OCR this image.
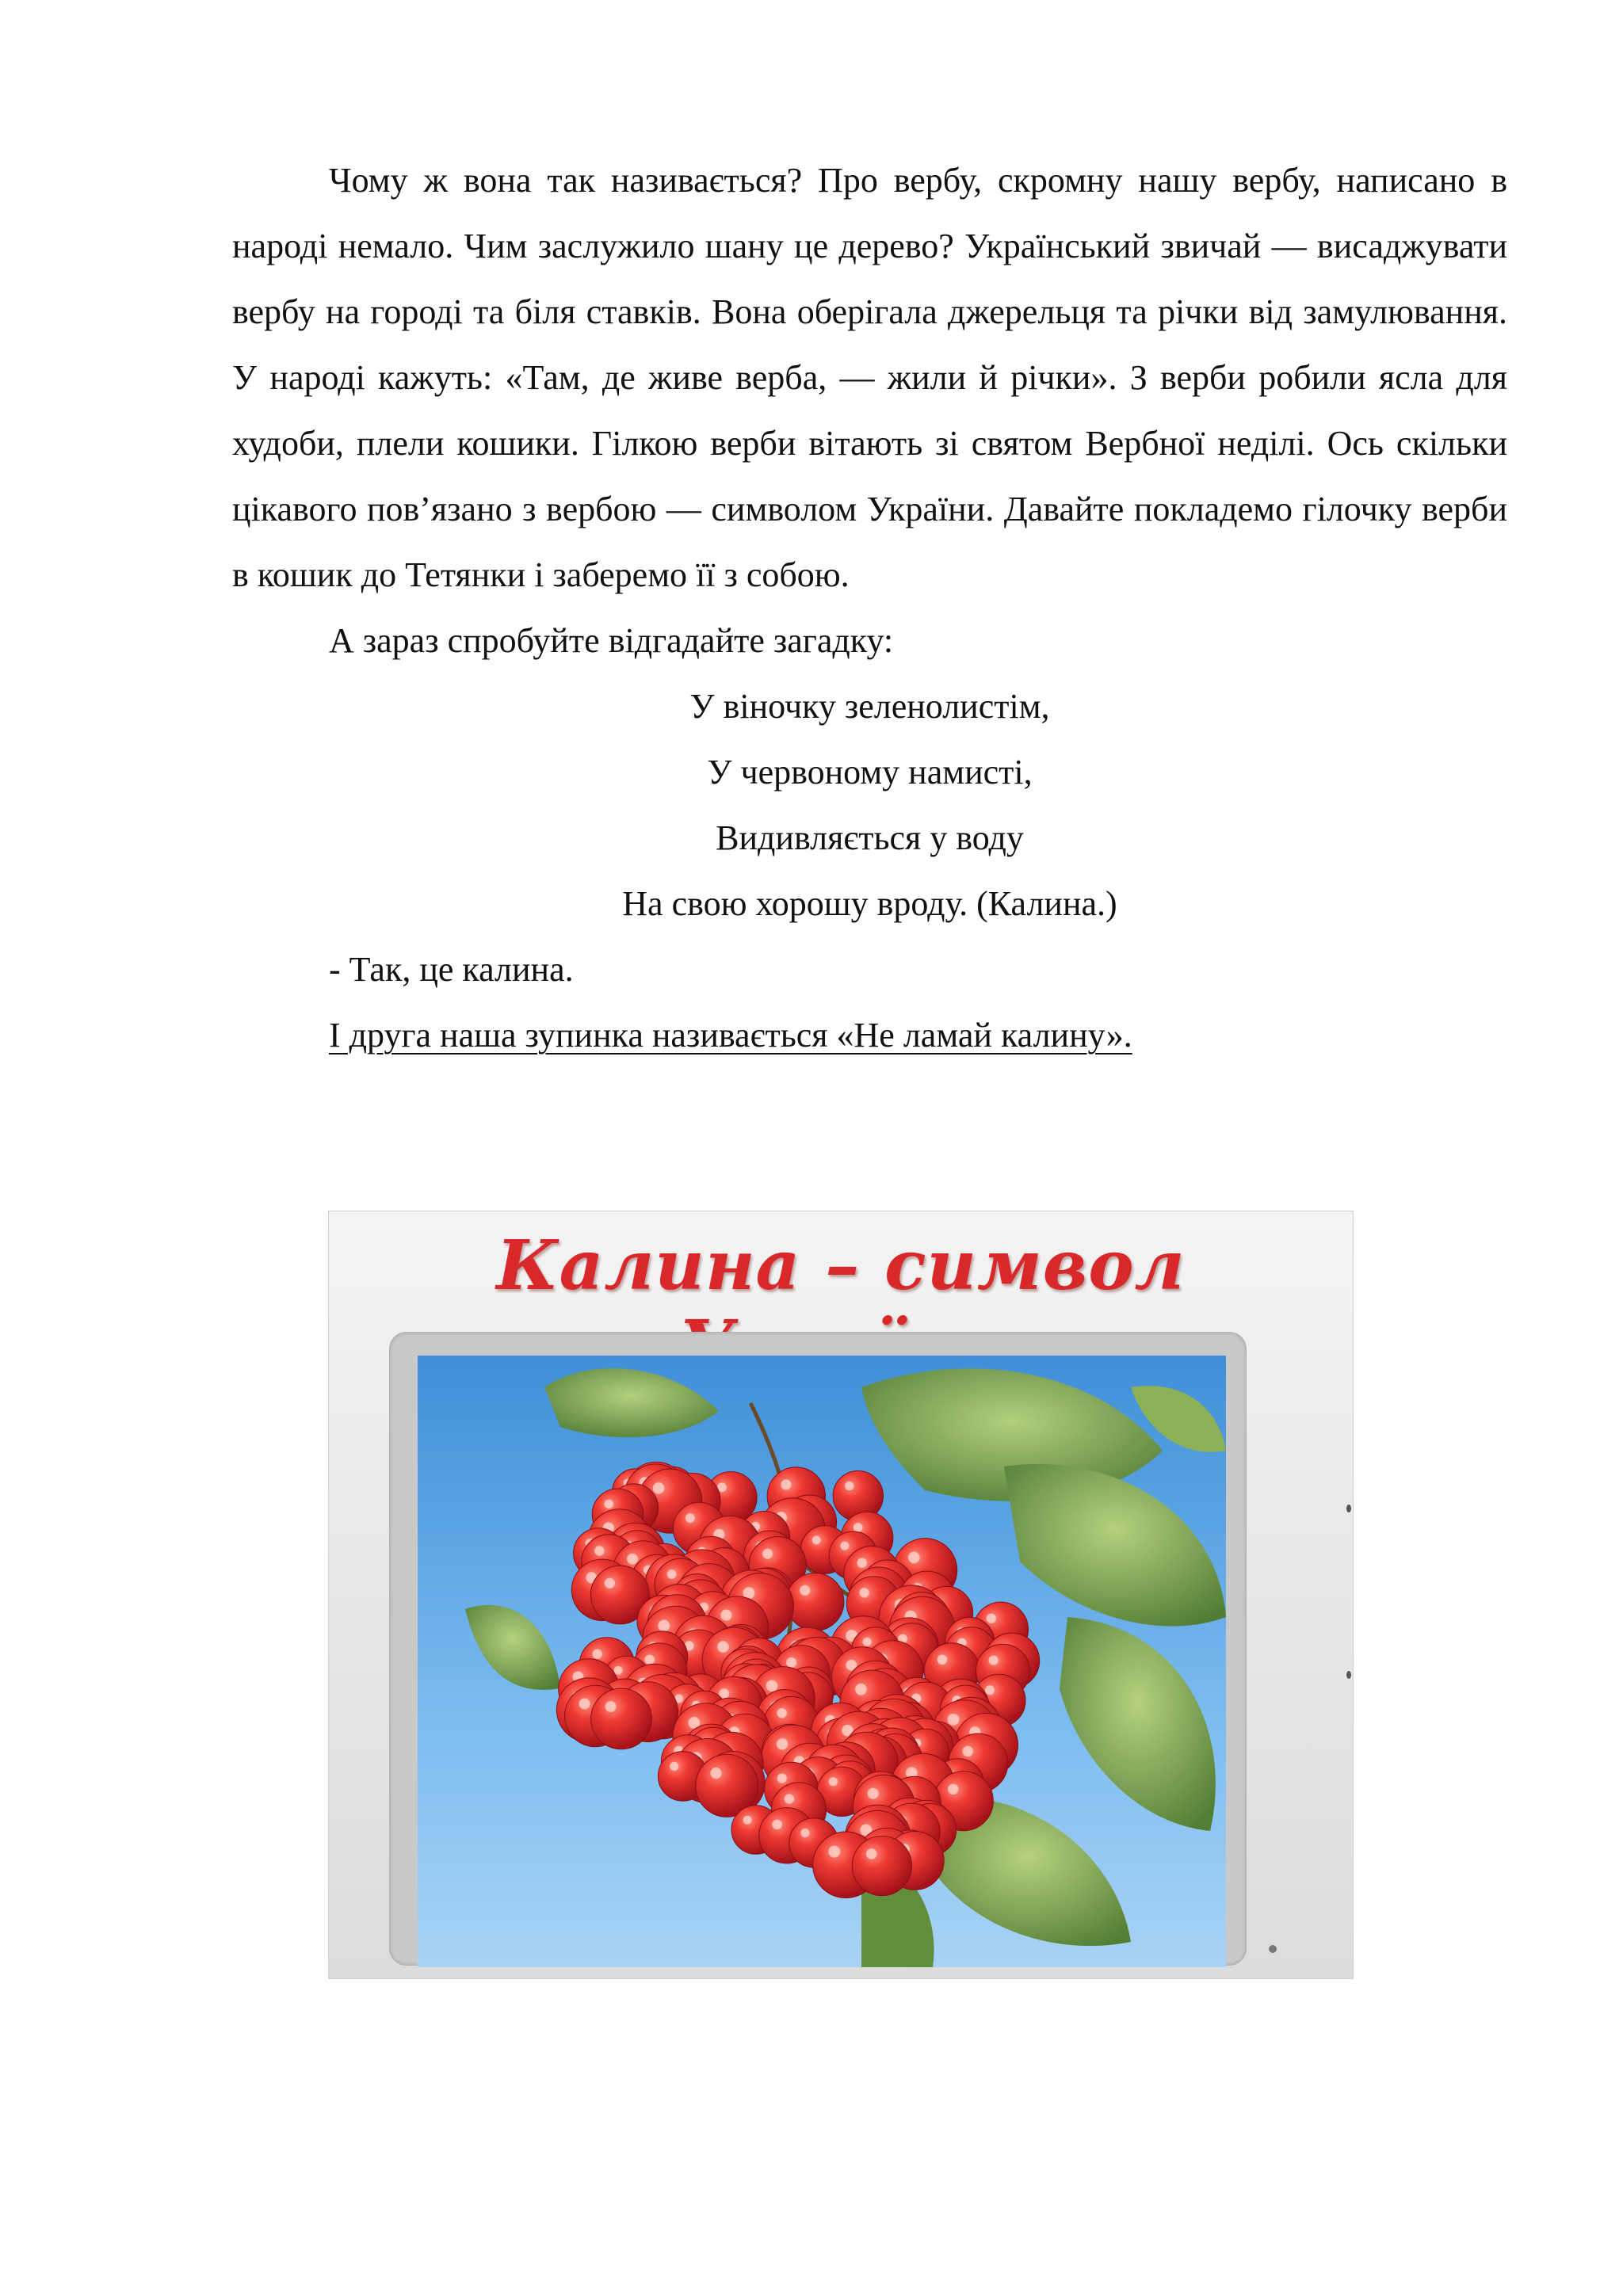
Чому ж вона так називається? Про вербу, скромну нашу вербу, написано в народі немало. Чим заслужило шану це дерево? Український звичай — висаджувати вербу на городі та біля ставків. Вона оберігала джерельця та річки від замулювання. У народі кажуть: «Там, де живе верба, — жили й річки». З верби робили ясла для худоби, плели кошики. Гілкою верби вітають зі святом Вербної неділі. Ось скільки цікавого пов’язано з вербою — символом України. Давайте покладемо гілочку верби в кошик до Тетянки і заберемо її з собою.

А зараз спробуйте відгадайте загадку:

У віночку зеленолистім,

У червоному намисті,

Видивляється у воду

На свою хорошу вроду. (Калина.)

- Так, це калина.

І друга наша зупинка називається «Не ламай калину».

Калина – символ
